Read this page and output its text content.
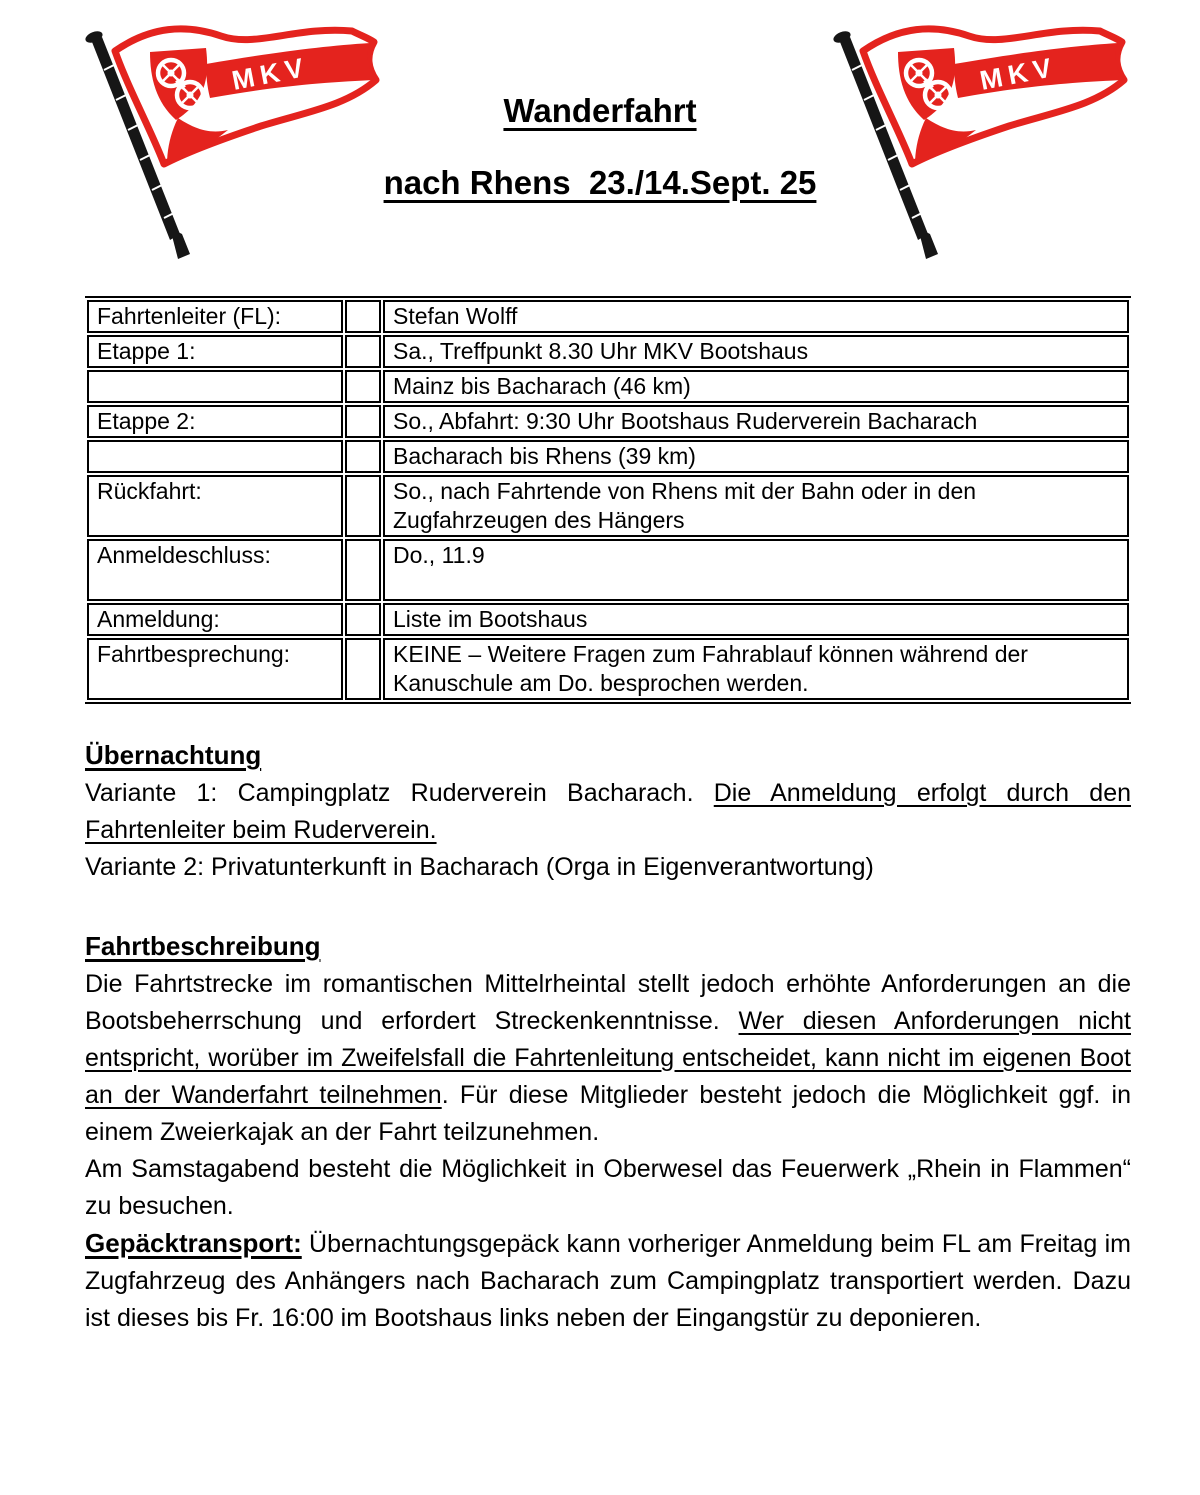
Wanderfahrt
nach Rhens  23./14.Sept. 25
Fahrtenleiter (FL):		Stefan Wolff
Etappe 1:		Sa., Treffpunkt 8.30 Uhr MKV Bootshaus
		Mainz bis Bacharach (46 km)
Etappe 2:		So., Abfahrt: 9:30 Uhr Bootshaus Ruderverein Bacharach
		Bacharach bis Rhens (39 km)
Rückfahrt:		So., nach Fahrtende von Rhens mit der Bahn oder in den Zugfahrzeugen des Hängers
Anmeldeschluss:		Do., 11.9
Anmeldung:		Liste im Bootshaus
Fahrtbesprechung:		KEINE – Weitere Fragen zum Fahrablauf können während der Kanuschule am Do. besprochen werden.
Übernachtung

Variante 1: Campingplatz Ruderverein Bacharach. Die Anmeldung erfolgt durch den Fahrtenleiter beim Ruderverein.

Variante 2: Privatunterkunft in Bacharach (Orga in Eigenverantwortung)

Fahrtbeschreibung

Die Fahrtstrecke im romantischen Mittelrheintal stellt jedoch erhöhte Anforderungen an die Bootsbeherrschung und erfordert Streckenkenntnisse. Wer diesen Anforderungen nicht entspricht, worüber im Zweifelsfall die Fahrtenleitung entscheidet, kann nicht im eigenen Boot an der Wanderfahrt teilnehmen. Für diese Mitglieder besteht jedoch die Möglichkeit ggf. in einem Zweierkajak an der Fahrt teilzunehmen.

Am Samstagabend besteht die Möglichkeit in Oberwesel das Feuerwerk „Rhein in Flammen“ zu besuchen.

Gepäcktransport: Übernachtungsgepäck kann vorheriger Anmeldung beim FL am Freitag im Zugfahrzeug des Anhängers nach Bacharach zum Campingplatz transportiert werden. Dazu ist dieses bis Fr. 16:00 im Bootshaus links neben der Eingangstür zu deponieren.
